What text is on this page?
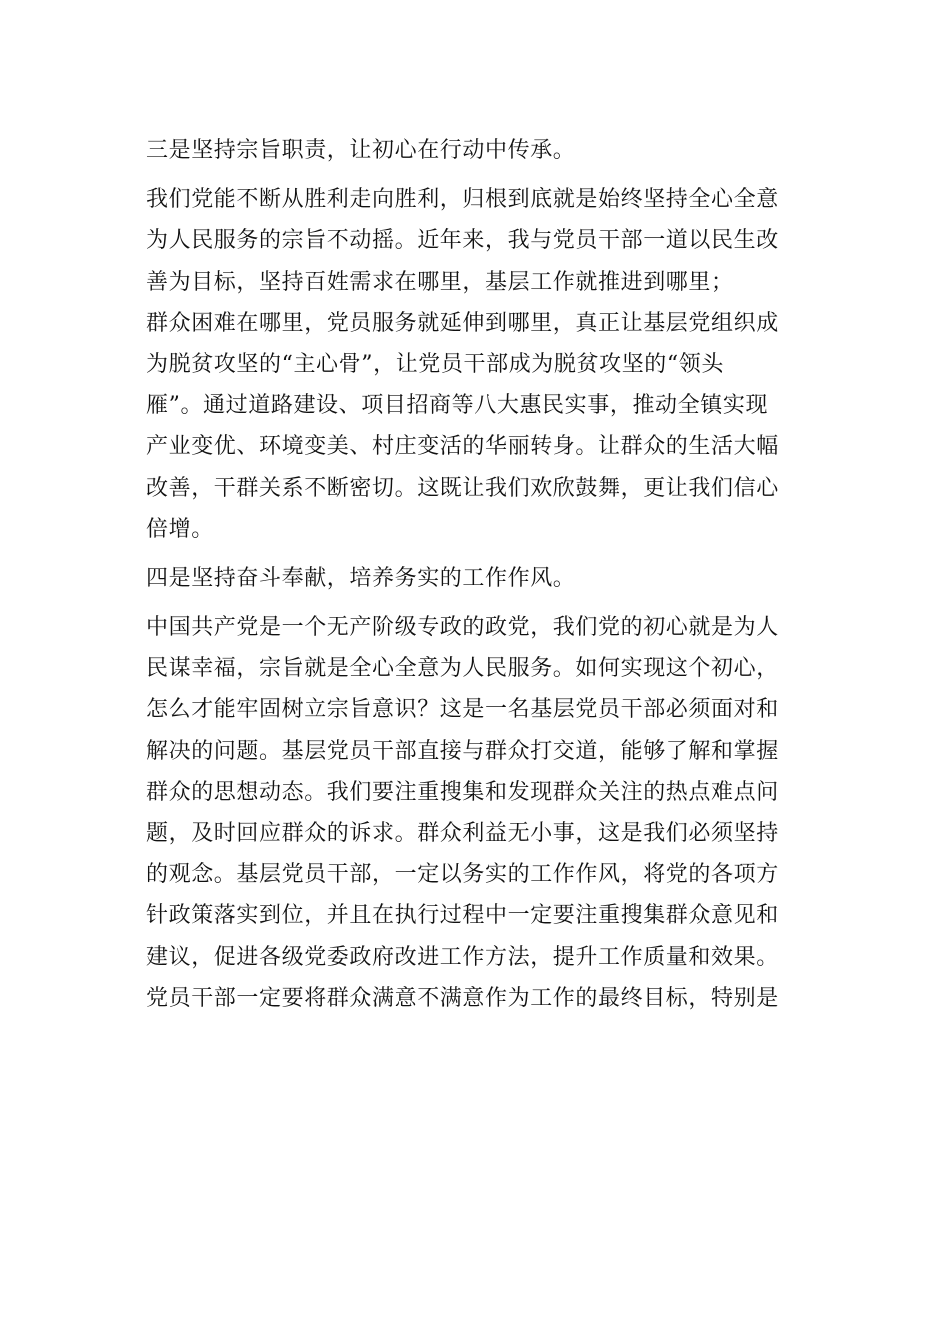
三是坚持宗旨职责，让初心在行动中传承。
我们党能不断从胜利走向胜利，归根到底就是始终坚持全心全意
为人民服务的宗旨不动摇。近年来，我与党员干部一道以民生改
善为目标，坚持百姓需求在哪里，基层工作就推进到哪里；
群众困难在哪里，党员服务就延伸到哪里，真正让基层党组织成
为脱贫攻坚的“主心骨”，让党员干部成为脱贫攻坚的“领头
雁”。通过道路建设、项目招商等八大惠民实事，推动全镇实现
产业变优、环境变美、村庄变活的华丽转身。让群众的生活大幅
改善，干群关系不断密切。这既让我们欢欣鼓舞，更让我们信心
倍增。
四是坚持奋斗奉献，培养务实的工作作风。
中国共产党是一个无产阶级专政的政党，我们党的初心就是为人
民谋幸福，宗旨就是全心全意为人民服务。如何实现这个初心，
怎么才能牢固树立宗旨意识？这是一名基层党员干部必须面对和
解决的问题。基层党员干部直接与群众打交道，能够了解和掌握
群众的思想动态。我们要注重搜集和发现群众关注的热点难点问
题，及时回应群众的诉求。群众利益无小事，这是我们必须坚持
的观念。基层党员干部，一定以务实的工作作风，将党的各项方
针政策落实到位，并且在执行过程中一定要注重搜集群众意见和
建议，促进各级党委政府改进工作方法，提升工作质量和效果。
党员干部一定要将群众满意不满意作为工作的最终目标，特别是
